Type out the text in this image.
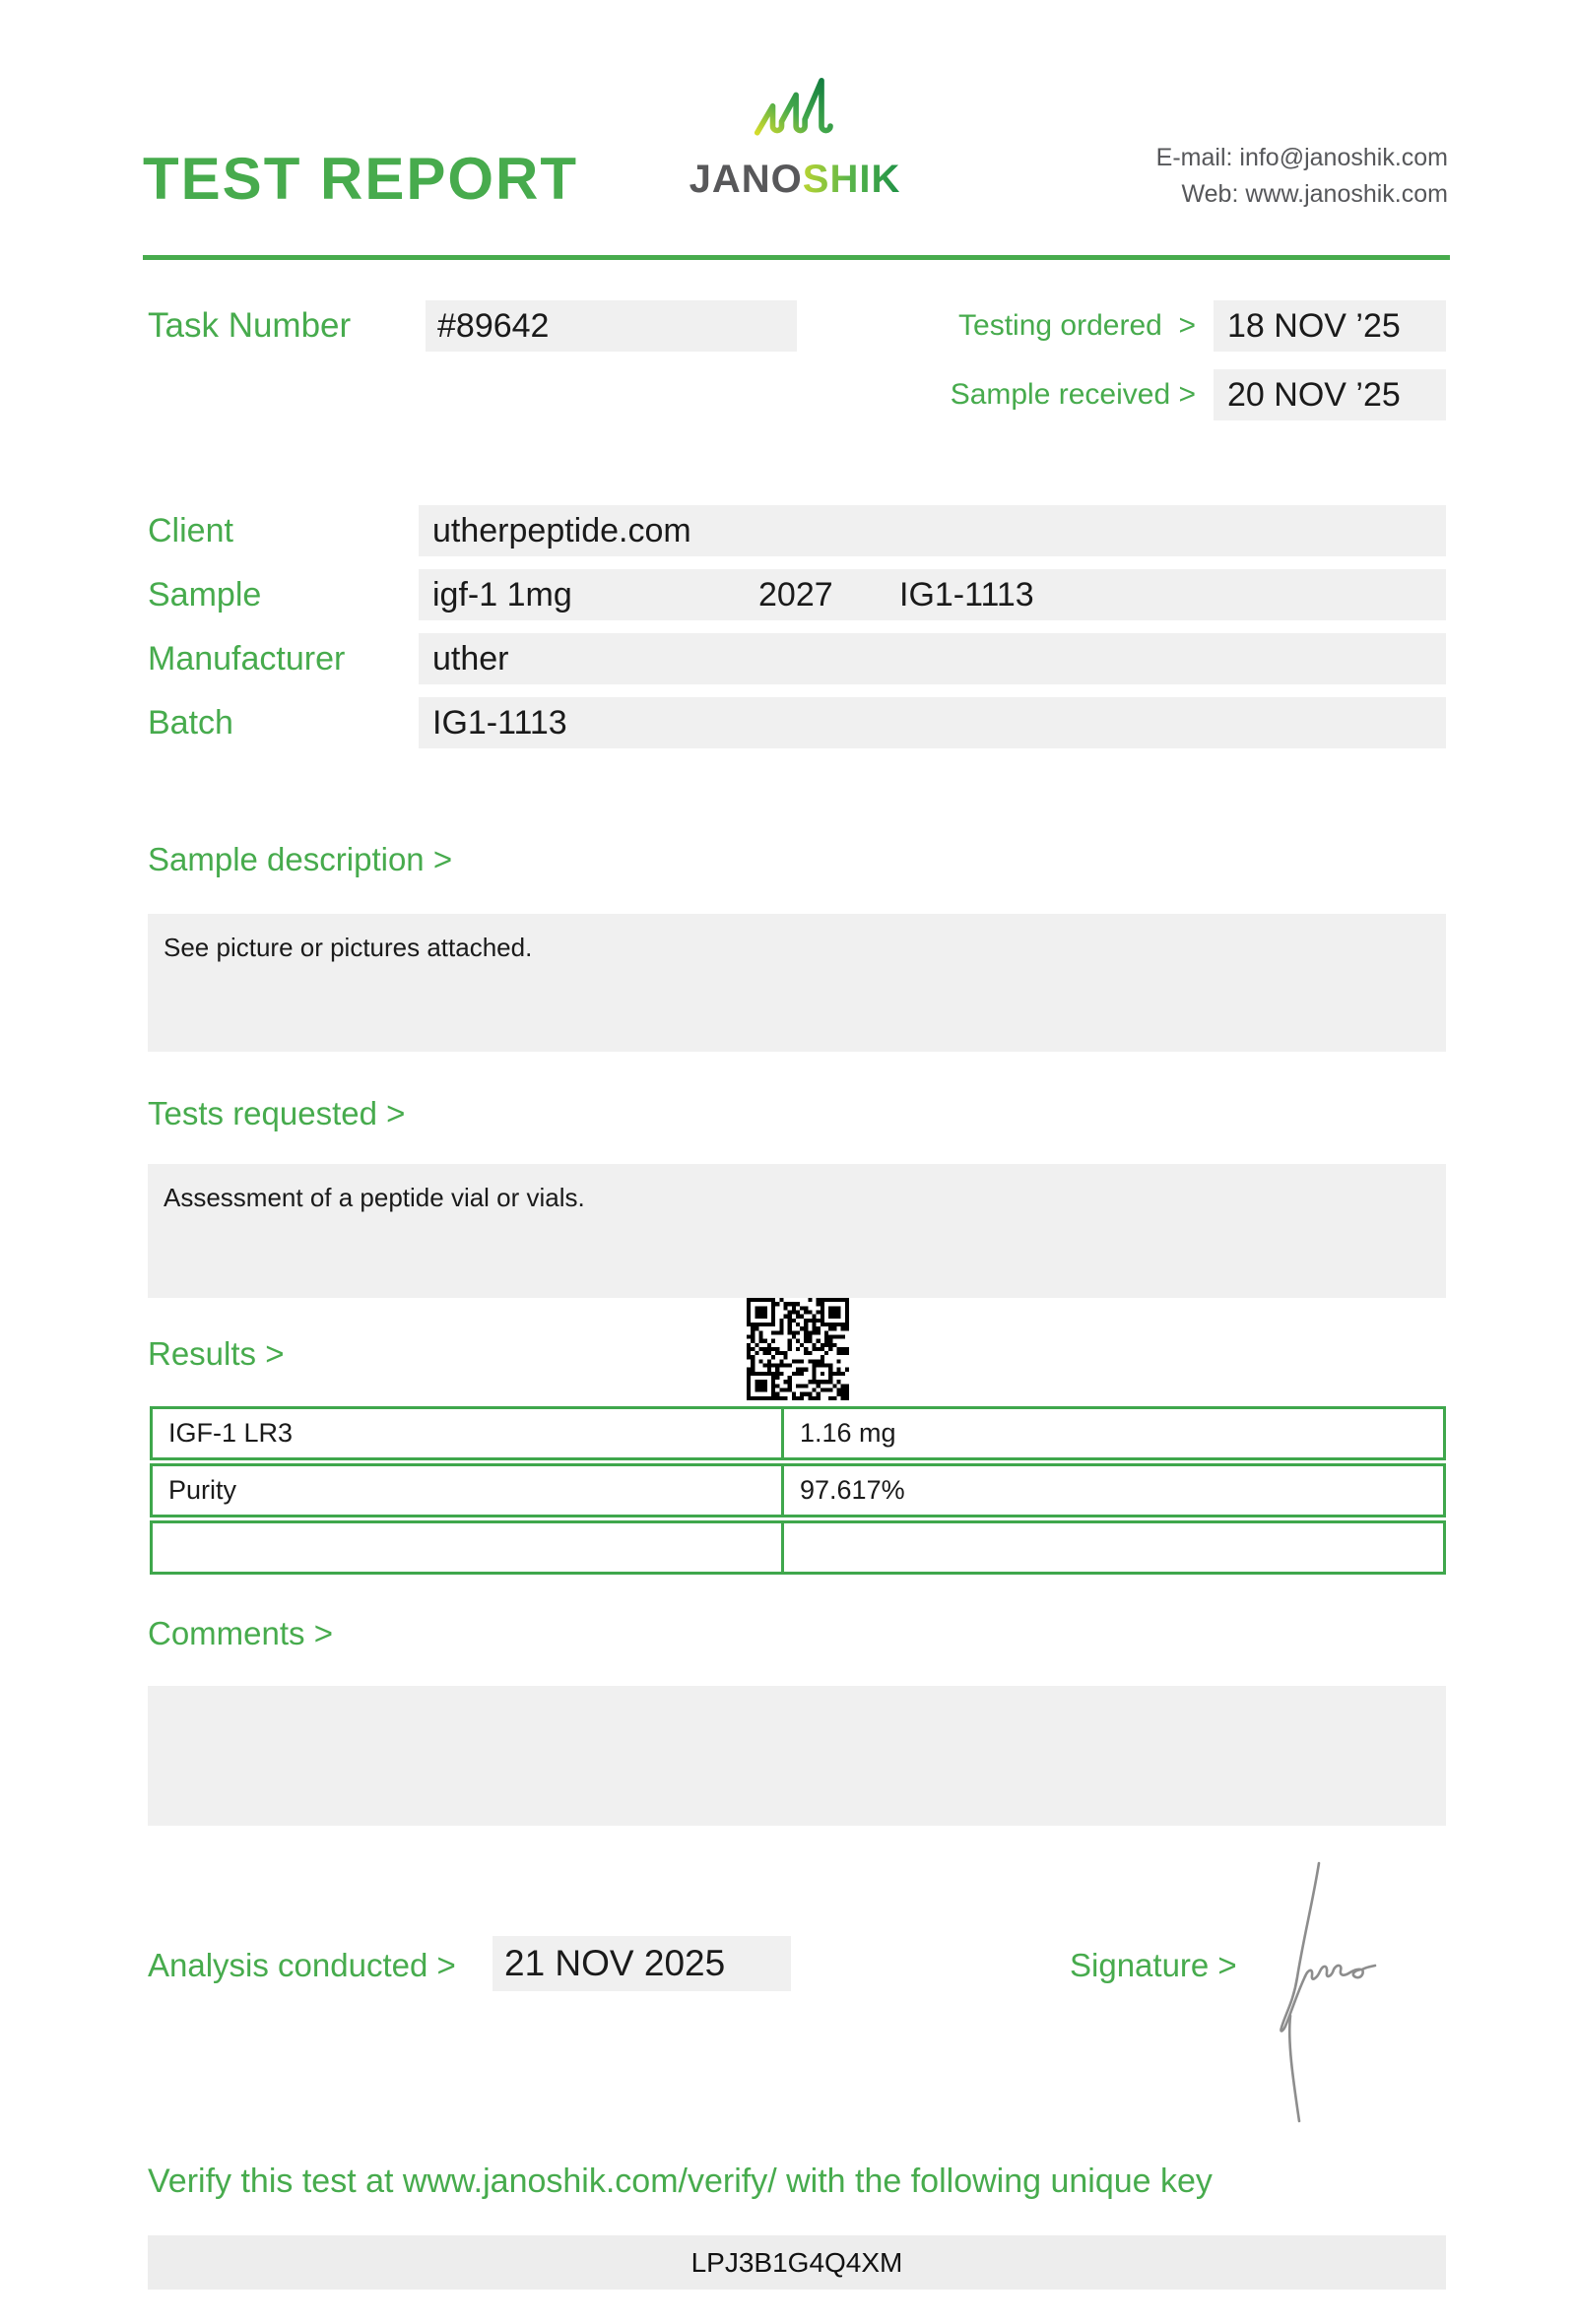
TEST REPORT	JANOSHIK	E-mail: info@janoshik.com
Web: www.janoshik.com
Task Number	#89642	Testing ordered  > 18 NOV ’25
Sample received > 20 NOV ’25
Client	utherpeptide.com
Sample	igf-1 1mg	2027 IG1-1113
Manufacturer	uther
Batch	IG1-1113
Sample description >
See picture or pictures attached.
Tests requested >
Assessment of a peptide vial or vials.
Results >
IGF-1 LR3	1.16 mg
Purity	97.617%
Comments >
Analysis conducted >	21 NOV 2025	Signature >
Verify this test at www.janoshik.com/verify/ with the following unique key
LPJ3B1G4Q4XM
